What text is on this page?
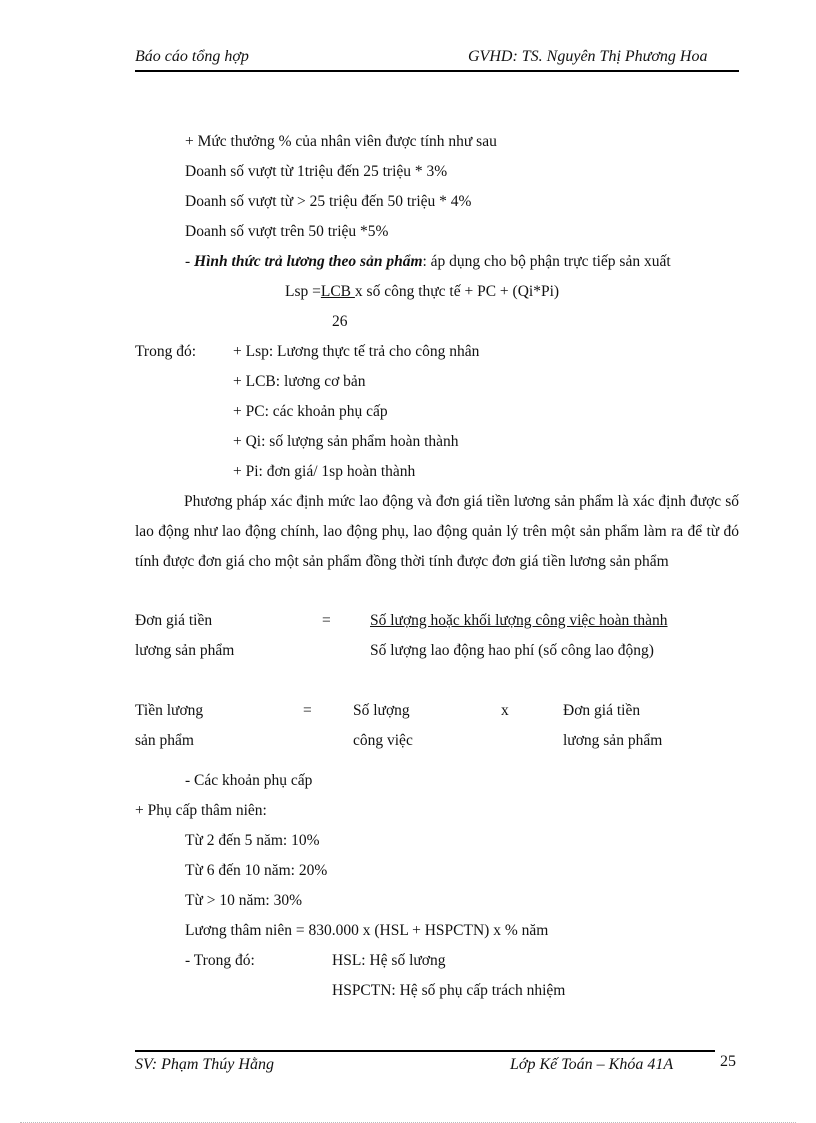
Báo cáo tổng hợp	GVHD: TS. Nguyên Thị Phương Hoa
+ Mức thưởng % của nhân viên được tính như sau
Doanh số vượt từ 1triệu đến 25 triệu * 3%
Doanh số vượt từ > 25 triệu đến 50 triệu * 4%
Doanh số vượt trên 50 triệu *5%
- Hình thức trả lương theo sản phẩm: áp dụng cho bộ phận trực tiếp sản xuất
Lsp =LCB x số công thực tế + PC + (Qi*Pi)
26
Trong đó: + Lsp: Lương thực tế trả cho công nhân
+ LCB: lương cơ bản
+ PC: các khoản phụ cấp
+ Qi: số lượng sản phẩm hoàn thành
+ Pi: đơn giá/ 1sp hoàn thành
Phương pháp xác định mức lao động và đơn giá tiền lương sản phẩm là xác định được số lao động như lao động chính, lao động phụ, lao động quản lý trên một sản phẩm làm ra để từ đó tính được đơn giá cho một sản phẩm đồng thời tính được đơn giá tiền lương sản phẩm
Đơn giá tiền
lương sản phẩm
=	Số lượng hoặc khối lượng công việc hoàn thành
Số lượng lao động hao phí (số công lao động)
Tiền lương
sản phẩm
=	Số lượng
công việc
x	Đơn giá tiền
lương sản phẩm
- Các khoản phụ cấp
+ Phụ cấp thâm niên:
Từ 2 đến 5 năm: 10%
Từ 6 đến 10 năm: 20%
Từ > 10 năm: 30%
Lương thâm niên = 830.000 x (HSL + HSPCTN) x % năm
- Trong đó:	HSL: Hệ số lương
HSPCTN: Hệ số phụ cấp trách nhiệm
SV: Phạm Thúy Hằng	Lớp Kế Toán – Khóa 41A	25
